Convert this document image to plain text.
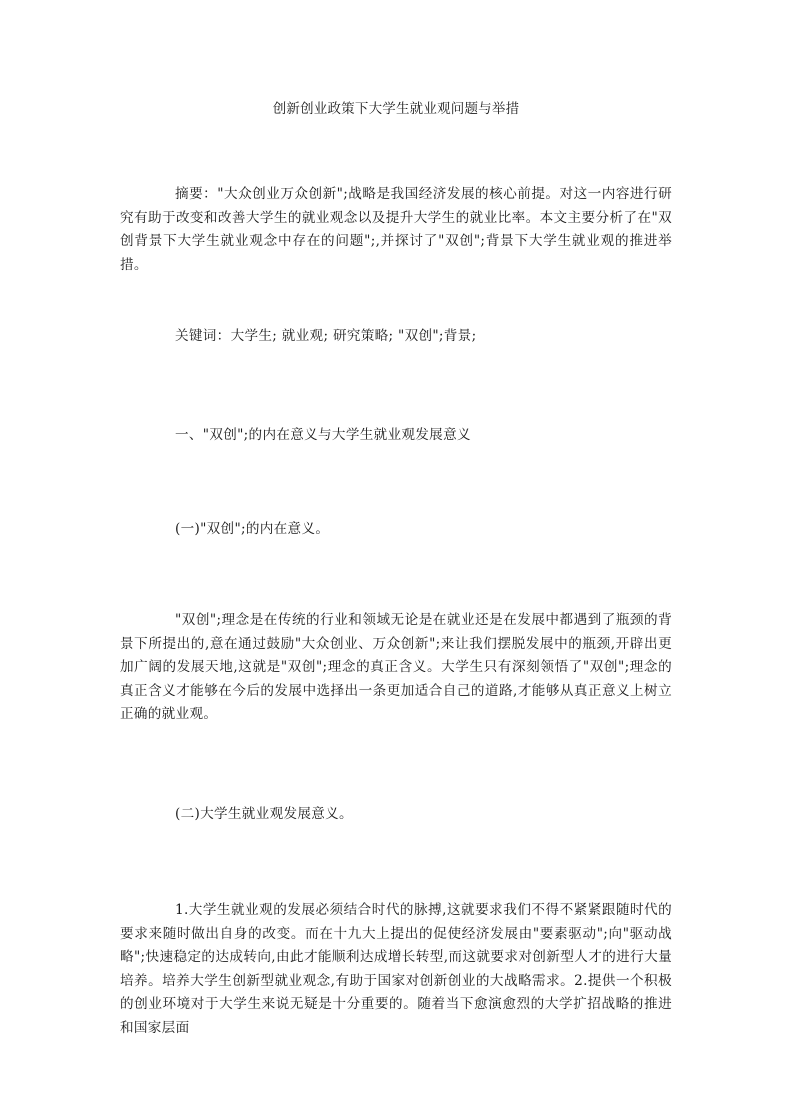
创新创业政策下大学生就业观问题与举措
摘要："大众创业万众创新";战略是我国经济发展的核心前提。对这一内容进行研究有助于改变和改善大学生的就业观念以及提升大学生的就业比率。本文主要分析了在"双创背景下大学生就业观念中存在的问题";,并探讨了"双创";背景下大学生就业观的推进举措。
关键词：大学生; 就业观; 研究策略; "双创";背景;
一、"双创";的内在意义与大学生就业观发展意义
(一)"双创";的内在意义。
"双创";理念是在传统的行业和领域无论是在就业还是在发展中都遇到了瓶颈的背景下所提出的,意在通过鼓励"大众创业、万众创新";来让我们摆脱发展中的瓶颈,开辟出更加广阔的发展天地,这就是"双创";理念的真正含义。大学生只有深刻领悟了"双创";理念的真正含义才能够在今后的发展中选择出一条更加适合自己的道路,才能够从真正意义上树立正确的就业观。
(二)大学生就业观发展意义。
1.大学生就业观的发展必须结合时代的脉搏,这就要求我们不得不紧紧跟随时代的要求来随时做出自身的改变。而在十九大上提出的促使经济发展由"要素驱动";向"驱动战略";快速稳定的达成转向,由此才能顺利达成增长转型,而这就要求对创新型人才的进行大量培养。培养大学生创新型就业观念,有助于国家对创新创业的大战略需求。2.提供一个积极的创业环境对于大学生来说无疑是十分重要的。随着当下愈演愈烈的大学扩招战略的推进和国家层面
